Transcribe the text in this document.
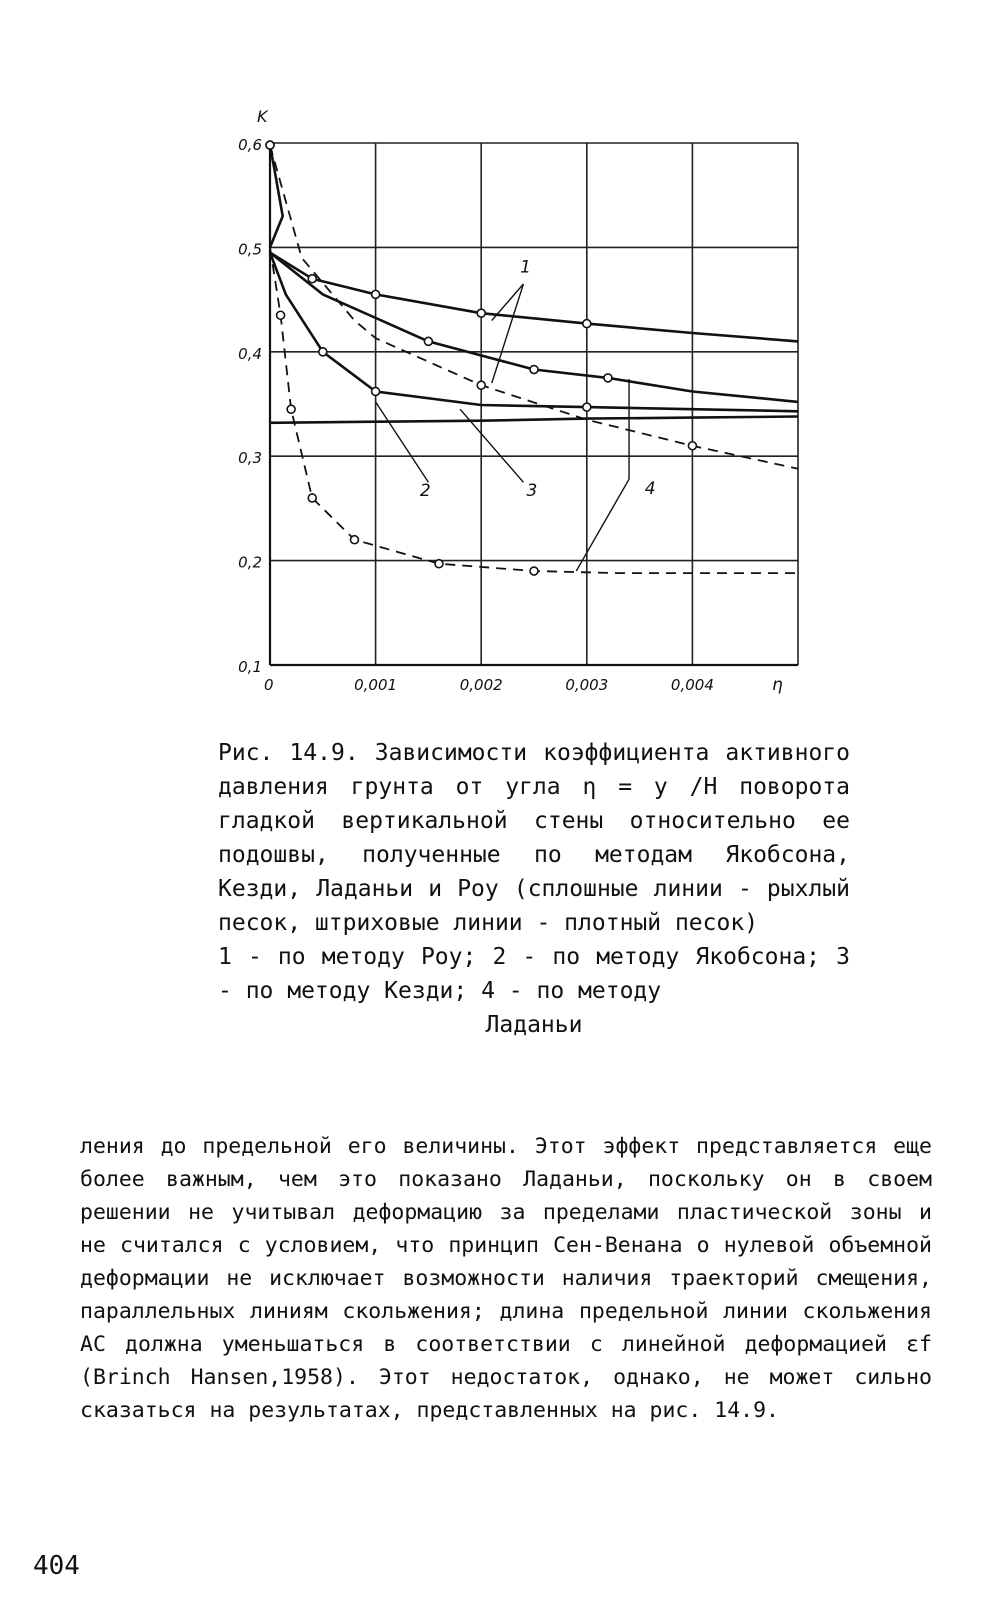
0	0,001	0,002	0,003	0,004
0,6
0,5
0,4
0,3
0,2
0,1
η
K
1
2	3	4

Рис. 14.9. Зависимости коэффициента активного давления грунта от угла η = y /H поворота гладкой вертикальной стены относительно ее подошвы, полученные по методам Якобсона, Кезди, Ладаньи и Роу (сплошные линии - рыхлый песок, штриховые линии - плотный песок)

1 - по методу Роу; 2 - по методу Якобсона; 3 - по методу Кезди; 4 - по методу

Ладаньи

ления до предельной его величины. Этот эффект представляется еще более важным, чем это показано Ладаньи, поскольку он в своем решении не учитывал деформацию за пределами пластической зоны и не считался с условием, что принцип Сен-Венана о нулевой объемной деформации не исключает возможности наличия траекторий смещения, параллельных линиям скольжения; длина предельной линии скольжения AC должна уменьшаться в соответствии с линейной деформацией εf (Brinch Hansen,1958). Этот недостаток, однако, не может сильно сказаться на результатах, представленных на рис. 14.9.
404
